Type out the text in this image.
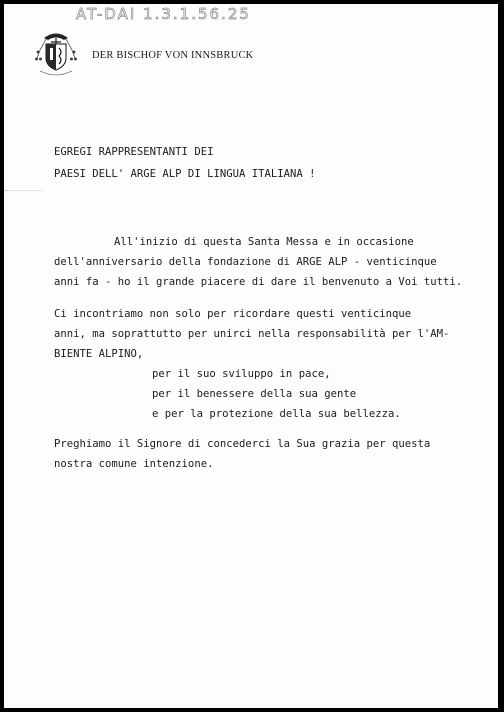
AT-DAI 1.3.1.56.25
DER BISCHOF VON INNSBRUCK
EGREGI RAPPRESENTANTI DEI
PAESI DELL' ARGE ALP DI LINGUA ITALIANA !
All'inizio di questa Santa Messa e in occasione
dell'anniversario della fondazione di ARGE ALP - venticinque
anni fa - ho il grande piacere di dare il benvenuto a Voi tutti.
Ci incontriamo non solo per ricordare questi venticinque
anni, ma soprattutto per unirci nella responsabilità per l'AM-
BIENTE ALPINO,
per il suo sviluppo in pace,
per il benessere della sua gente
e per la protezione della sua bellezza.
Preghiamo il Signore di concederci la Sua grazia per questa
nostra comune intenzione.
